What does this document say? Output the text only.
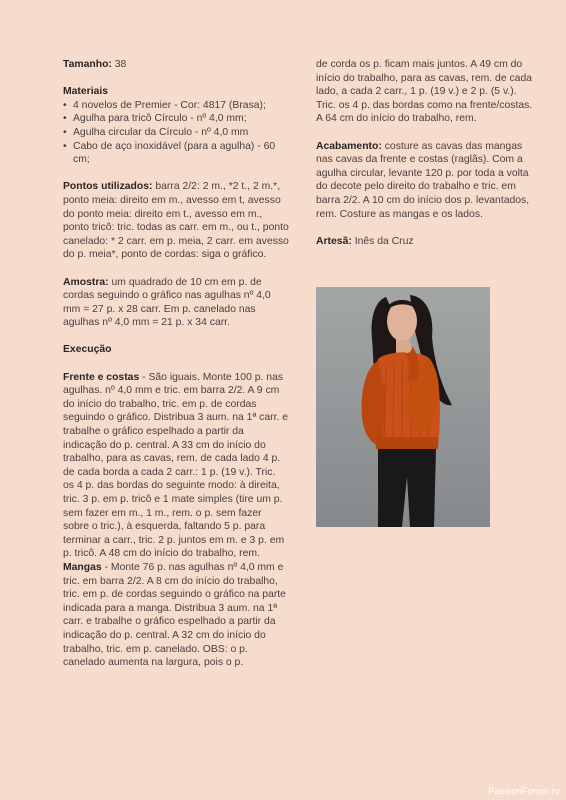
Tamanho: 38

Materiais
• 4 novelos de Premier - Cor: 4817 (Brasa);
• Agulha para tricô Círculo - nº 4,0 mm;
• Agulha circular da Círculo - nº 4,0 mm
• Cabo de aço inoxidável (para a agulha) - 60 cm;

Pontos utilizados: barra 2/2: 2 m., *2 t., 2 m.*, ponto meia: direito em m., avesso em t, avesso do ponto meia: direito em t., avesso em m., ponto tricô: tric. todas as carr. em m., ou t., ponto canelado: * 2 carr. em p. meia, 2 carr. em avesso do p. meia*, ponto de cordas: siga o gráfico.

Amostra: um quadrado de 10 cm em p. de cordas seguindo o gráfico nas agulhas nº 4,0 mm = 27 p. x 28 carr. Em p. canelado nas agulhas nº 4,0 mm = 21 p. x 34 carr.

Execução

Frente e costas - São iguais. Monte 100 p. nas agulhas. nº 4,0 mm e tric. em barra 2/2. A 9 cm do início do trabalho, tric. em p. de cordas seguindo o gráfico. Distribua 3 aum. na 1ª carr. e trabalhe o gráfico espelhado a partir da indicação do p. central. A 33 cm do início do trabalho, para as cavas, rem. de cada lado 4 p. de cada borda a cada 2 carr.: 1 p. (19 v.). Tric. os 4 p. das bordas do seguinte modo: à direita, tric. 3 p. em p. tricô e 1 mate simples (tire um p. sem fazer em m., 1 m., rem. o p. sem fazer sobre o tric.), à esquerda, faltando 5 p. para terminar a carr., tric. 2 p. juntos em m. e 3 p. em p. tricô. A 48 cm do início do trabalho, rem. Mangas - Monte 76 p. nas agulhas nº 4,0 mm e tric. em barra 2/2. A 8 cm do início do trabalho, tric. em p. de cordas seguindo o gráfico na parte indicada para a manga. Distribua 3 aum. na 1ª carr. e trabalhe o gráfico espelhado a partir da indicação do p. central. A 32 cm do início do trabalho, tric. em p. canelado. OBS: o p. canelado aumenta na largura, pois o p.

de corda os p. ficam mais juntos. A 49 cm do início do trabalho, para as cavas, rem. de cada lado, a cada 2 carr., 1 p. (19 v.) e 2 p. (5 v.). Tric. os 4 p. das bordas como na frente/costas. A 64 cm do início do trabalho, rem.

Acabamento: costure as cavas das mangas nas cavas da frente e costas (raglãs). Com a agulha circular, levante 120 p. por toda a volta do decote pelo direito do trabalho e tric. em barra 2/2. A 10 cm do início dos p. levantados, rem. Costure as mangas e os lados.

Artesã: Inês da Cruz

PassionForum.ru
